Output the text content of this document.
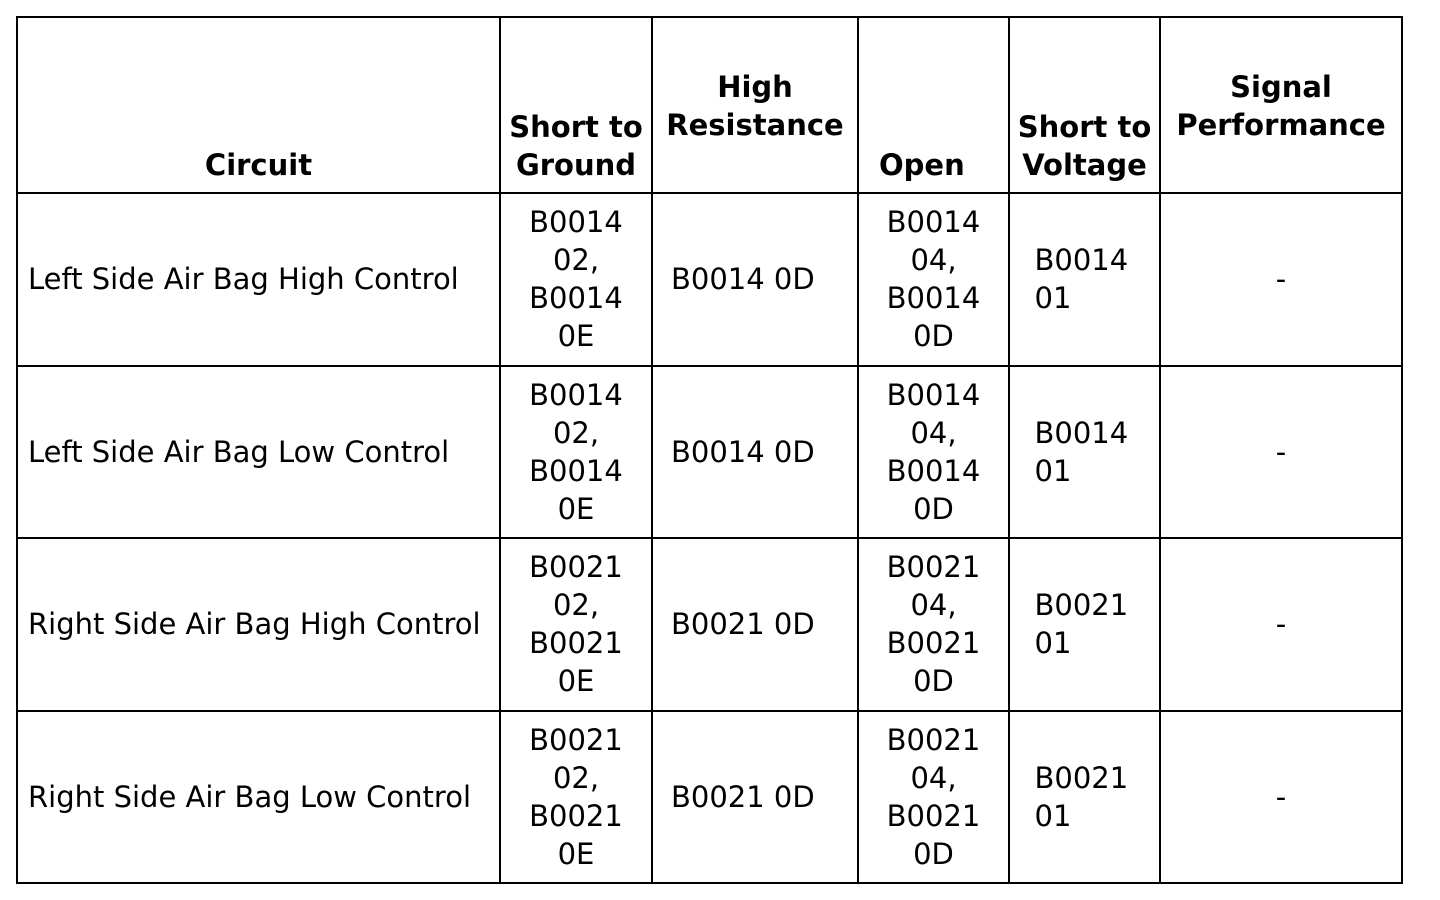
Circuit	Short to Ground	High Resistance	Open	Short to Voltage	Signal Performance
Left Side Air Bag High Control	B0014 02, B0014 0E	B0014 0D	B0014 04, B0014 0D	B0014 01	-
Left Side Air Bag Low Control	B0014 02, B0014 0E	B0014 0D	B0014 04, B0014 0D	B0014 01	-
Right Side Air Bag High Control	B0021 02, B0021 0E	B0021 0D	B0021 04, B0021 0D	B0021 01	-
Right Side Air Bag Low Control	B0021 02, B0021 0E	B0021 0D	B0021 04, B0021 0D	B0021 01	-
